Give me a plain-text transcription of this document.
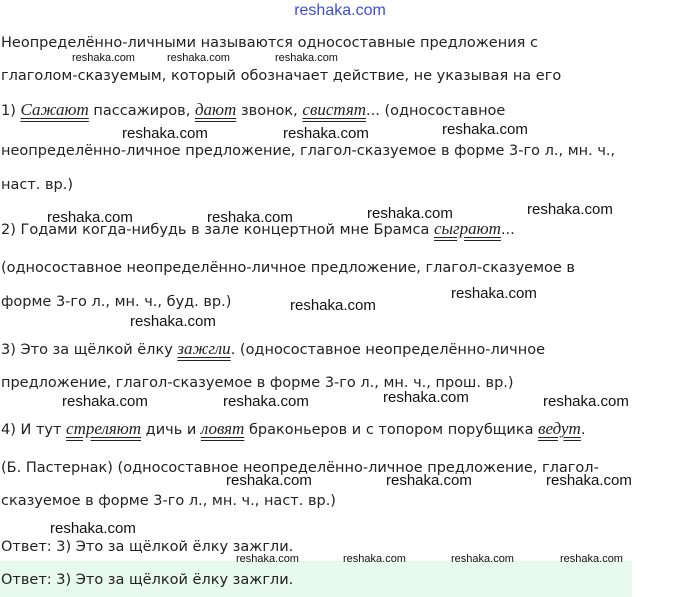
reshaka.com
Неопределённо-личными называются односоставные предложения с
глаголом-сказуемым, который обозначает действие, не указывая на его
1) Сажают пассажиров, дают звонок, свистят... (односоставное
неопределённо-личное предложение, глагол-сказуемое в форме 3-го л., мн. ч.,
наст. вр.)
2) Годами когда-нибудь в зале концертной мне Брамса сыграют...
(односоставное неопределённо-личное предложение, глагол-сказуемое в
форме 3-го л., мн. ч., буд. вр.)
3) Это за щёлкой ёлку зажгли. (односоставное неопределённо-личное
предложение, глагол-сказуемое в форме 3-го л., мн. ч., прош. вр.)
4) И тут стреляют дичь и ловят браконьеров и с топором порубщика ведут.
(Б. Пастернак) (односоставное неопределённо-личное предложение, глагол-
сказуемое в форме 3-го л., мн. ч., наст. вр.)
Ответ: 3) Это за щёлкой ёлку зажгли.
Ответ: 3) Это за щёлкой ёлку зажгли.
reshaka.com	reshaka.com	reshaka.com
reshaka.com	reshaka.com	reshaka.com
reshaka.com	reshaka.com	reshaka.com	reshaka.com
reshaka.com
reshaka.com
reshaka.com
reshaka.com	reshaka.com	reshaka.com	reshaka.com
reshaka.com	reshaka.com	reshaka.com
reshaka.com
reshaka.com	reshaka.com	reshaka.com	reshaka.com
